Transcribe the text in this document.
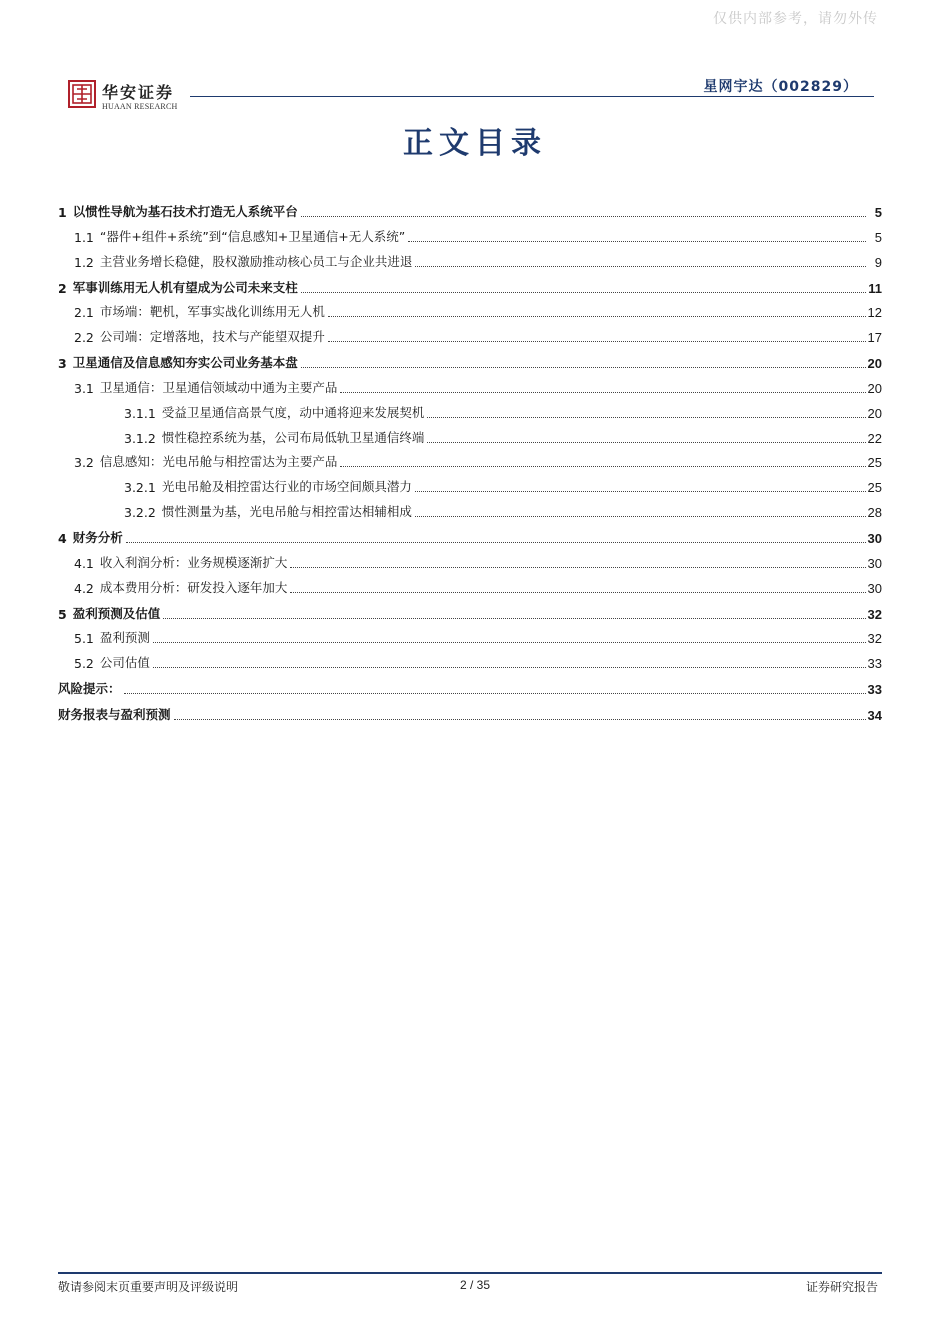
仅供内部参考，请勿外传
华安证券
HUAAN RESEARCH
星网宇达（002829）
正文目录
1 以惯性导航为基石技术打造无人系统平台	5
1.1 “器件+组件+系统”到“信息感知+卫星通信+无人系统”	5
1.2 主营业务增长稳健，股权激励推动核心员工与企业共进退	9
2 军事训练用无人机有望成为公司未来支柱	11
2.1 市场端：靶机，军事实战化训练用无人机	12
2.2 公司端：定增落地，技术与产能望双提升	17
3 卫星通信及信息感知夯实公司业务基本盘	20
3.1 卫星通信：卫星通信领域动中通为主要产品	20
3.1.1 受益卫星通信高景气度，动中通将迎来发展契机	20
3.1.2 惯性稳控系统为基，公司布局低轨卫星通信终端	22
3.2 信息感知：光电吊舱与相控雷达为主要产品	25
3.2.1 光电吊舱及相控雷达行业的市场空间颇具潜力	25
3.2.2 惯性测量为基，光电吊舱与相控雷达相辅相成	28
4 财务分析	30
4.1 收入利润分析：业务规模逐渐扩大	30
4.2 成本费用分析：研发投入逐年加大	30
5 盈利预测及估值	32
5.1 盈利预测	32
5.2 公司估值	33
风险提示：	33
财务报表与盈利预测	34
敬请参阅末页重要声明及评级说明	2 / 35	证券研究报告
